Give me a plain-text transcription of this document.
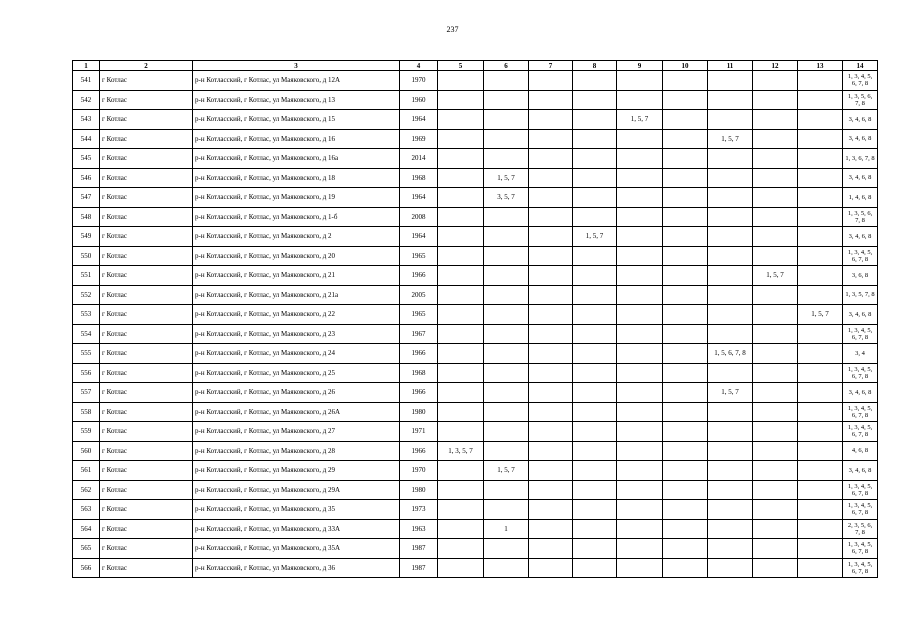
237
1	2	3	4	5	6	7	8	9	10	11	12	13	14
541	г Котлас	р-н Котласский, г Котлас, ул Маяковского, д 12А	1970										1, 3, 4, 5, 6, 7, 8
542	г Котлас	р-н Котласский, г Котлас, ул Маяковского, д 13	1960										1, 3, 5, 6, 7, 8
543	г Котлас	р-н Котласский, г Котлас, ул Маяковского, д 15	1964					1, 5, 7					3, 4, 6, 8
544	г Котлас	р-н Котласский, г Котлас, ул Маяковского, д 16	1969							1, 5, 7			3, 4, 6, 8
545	г Котлас	р-н Котласский, г Котлас, ул Маяковского, д 16а	2014										1, 3, 6, 7, 8
546	г Котлас	р-н Котласский, г Котлас, ул Маяковского, д 18	1968		1, 5, 7								3, 4, 6, 8
547	г Котлас	р-н Котласский, г Котлас, ул Маяковского, д 19	1964		3, 5, 7								1, 4, 6, 8
548	г Котлас	р-н Котласский, г Котлас, ул Маяковского, д 1-б	2008										1, 3, 5, 6, 7, 8
549	г Котлас	р-н Котласский, г Котлас, ул Маяковского, д 2	1964				1, 5, 7						3, 4, 6, 8
550	г Котлас	р-н Котласский, г Котлас, ул Маяковского, д 20	1965										1, 3, 4, 5, 6, 7, 8
551	г Котлас	р-н Котласский, г Котлас, ул Маяковского, д 21	1966								1, 5, 7		3, 6, 8
552	г Котлас	р-н Котласский, г Котлас, ул Маяковского, д 21а	2005										1, 3, 5, 7, 8
553	г Котлас	р-н Котласский, г Котлас, ул Маяковского, д 22	1965									1, 5, 7	3, 4, 6, 8
554	г Котлас	р-н Котласский, г Котлас, ул Маяковского, д 23	1967										1, 3, 4, 5, 6, 7, 8
555	г Котлас	р-н Котласский, г Котлас, ул Маяковского, д 24	1966							1, 5, 6, 7, 8			3, 4
556	г Котлас	р-н Котласский, г Котлас, ул Маяковского, д 25	1968										1, 3, 4, 5, 6, 7, 8
557	г Котлас	р-н Котласский, г Котлас, ул Маяковского, д 26	1966							1, 5, 7			3, 4, 6, 8
558	г Котлас	р-н Котласский, г Котлас, ул Маяковского, д 26А	1980										1, 3, 4, 5, 6, 7, 8
559	г Котлас	р-н Котласский, г Котлас, ул Маяковского, д 27	1971										1, 3, 4, 5, 6, 7, 8
560	г Котлас	р-н Котласский, г Котлас, ул Маяковского, д 28	1966	1, 3, 5, 7									4, 6, 8
561	г Котлас	р-н Котласский, г Котлас, ул Маяковского, д 29	1970		1, 5, 7								3, 4, 6, 8
562	г Котлас	р-н Котласский, г Котлас, ул Маяковского, д 29А	1980										1, 3, 4, 5, 6, 7, 8
563	г Котлас	р-н Котласский, г Котлас, ул Маяковского, д 35	1973										1, 3, 4, 5, 6, 7, 8
564	г Котлас	р-н Котласский, г Котлас, ул Маяковского, д 33А	1963		1								2, 3, 5, 6, 7, 8
565	г Котлас	р-н Котласский, г Котлас, ул Маяковского, д 35А	1987										1, 3, 4, 5, 6, 7, 8
566	г Котлас	р-н Котласский, г Котлас, ул Маяковского, д 36	1987										1, 3, 4, 5, 6, 7, 8
